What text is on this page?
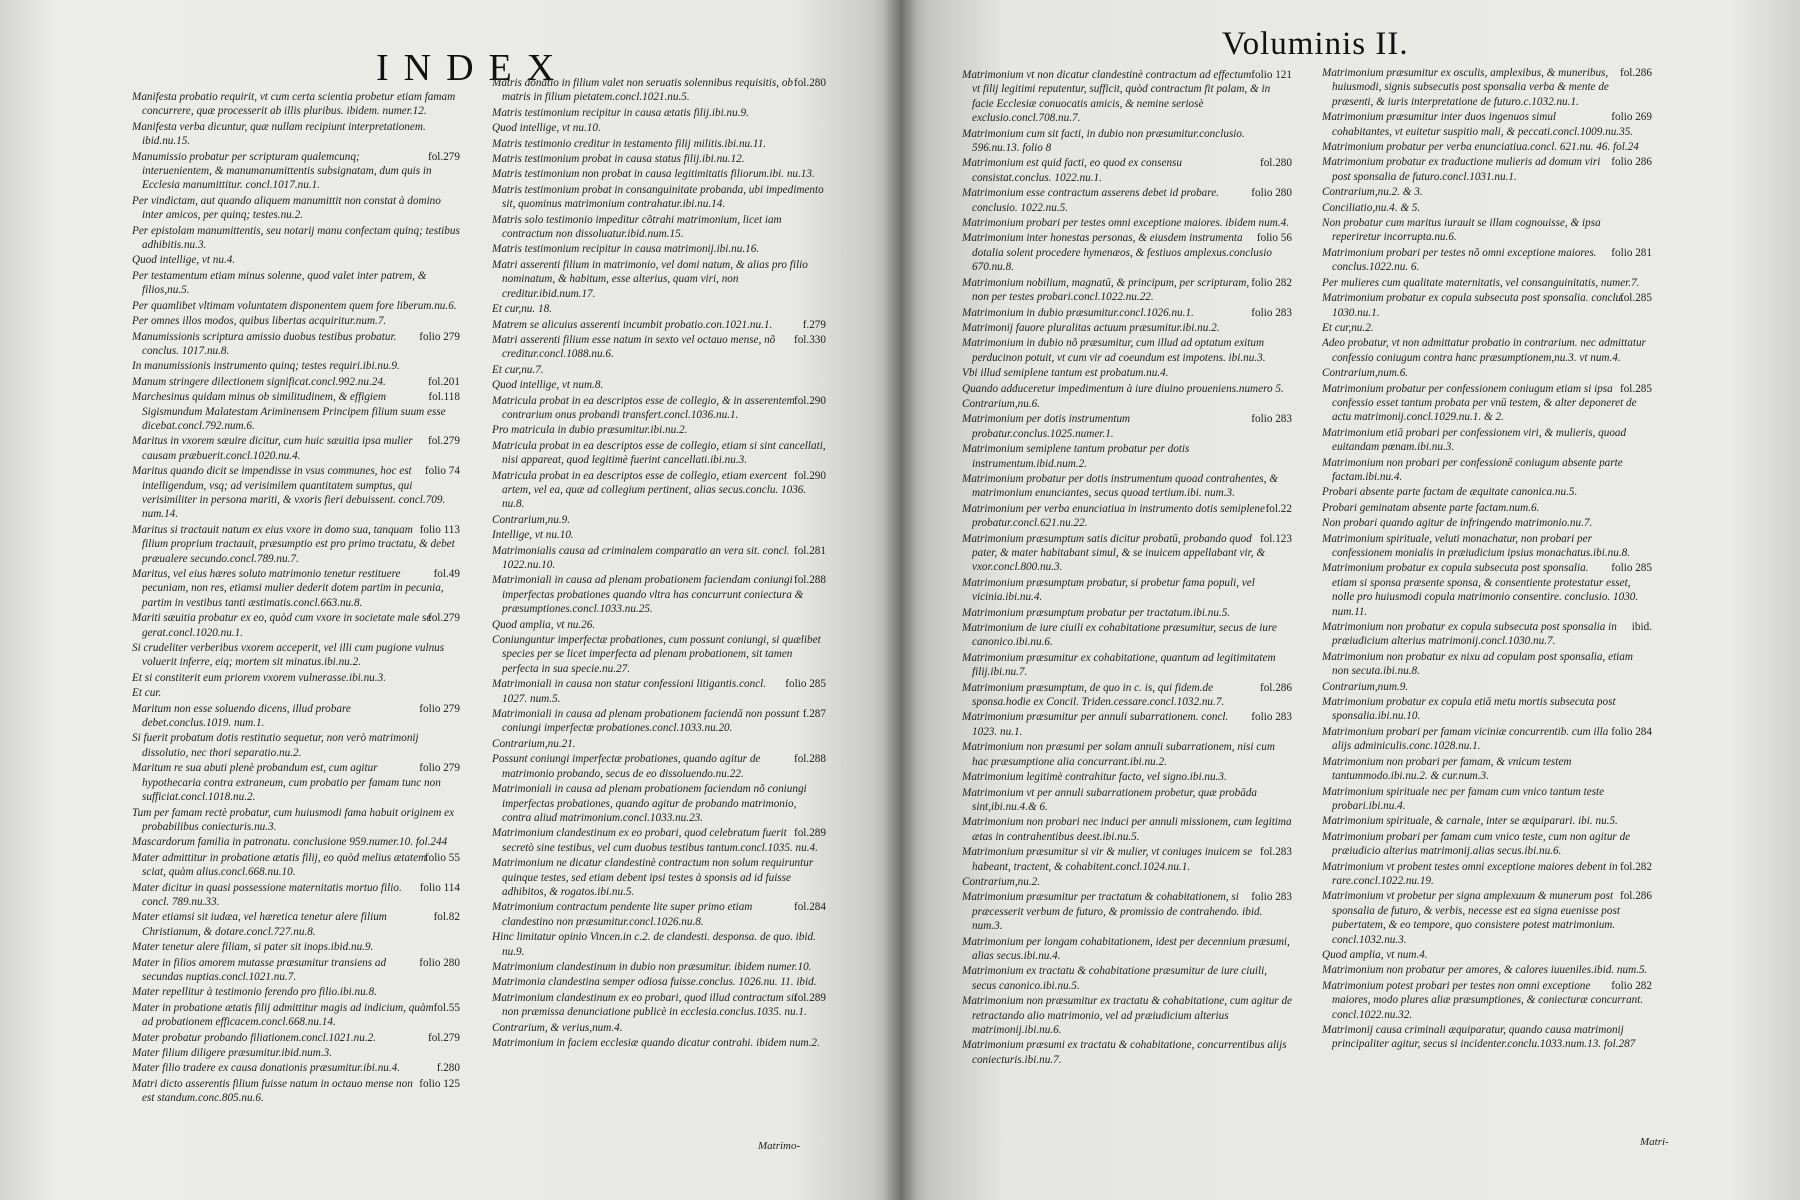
INDEX
Voluminis II.
Manifesta probatio requirit, vt cum certa scientia probetur etiam famam concurrere, quæ processerit ab illis pluribus. ibidem. numer.12.
Manifesta verba dicuntur, quæ nullam recipiunt interpretationem. ibid.nu.15.
fol.279
Manumissio probatur per scripturam qualemcunq; interuenientem, & manumanumittentis subsignatam, dum quis in Ecclesia manumittitur. concl.1017.nu.1.
Per vindictam, aut quando aliquem manumittit non constat à domino inter amicos, per quinq; testes.nu.2.
Per epistolam manumittentis, seu notarij manu confectam quinq; testibus adhibitis.nu.3.
Quod intellige, vt nu.4.
Per testamentum etiam minus solenne, quod valet inter patrem, & filios,nu.5.
Per quamlibet vltimam voluntatem disponentem quem fore liberum.nu.6.
Per omnes illos modos, quibus libertas acquiritur.num.7.
folio 279
Manumissionis scriptura amissio duobus testibus probatur. conclus. 1017.nu.8.
In manumissionis instrumento quinq; testes requiri.ibi.nu.9.
fol.201
Manum stringere dilectionem significat.concl.992.nu.24.
fol.118
Marchesinus quidam minus ob similitudinem, & effigiem Sigismundum Malatestam Ariminensem Principem filium suum esse dicebat.concl.792.num.6.
fol.279
Maritus in vxorem sæuire dicitur, cum huic sæuitia ipsa mulier causam præbuerit.concl.1020.nu.4.
folio 74
Maritus quando dicit se impendisse in vsus communes, hoc est intelligendum, vsq; ad verisimilem quantitatem sumptus, qui verisimiliter in persona mariti, & vxoris fieri debuissent. concl.709. num.14.
folio 113
Maritus si tractauit natum ex eius vxore in domo sua, tanquam filium proprium tractauit, præsumptio est pro primo tractatu, & debet præualere secundo.concl.789.nu.7.
fol.49
Maritus, vel eius hæres soluto matrimonio tenetur restituere pecuniam, non res, etiamsi mulier dederit dotem partim in pecunia, partim in vestibus tanti æstimatis.concl.663.nu.8.
fol.279
Mariti sæuitia probatur ex eo, quòd cum vxore in societate male se gerat.concl.1020.nu.1.
Si crudeliter verberibus vxorem acceperit, vel illi cum pugione vulnus voluerit inferre, eiq; mortem sit minatus.ibi.nu.2.
Et si constiterit eum priorem vxorem vulnerasse.ibi.nu.3.
Et cur.
folio 279
Maritum non esse soluendo dicens, illud probare debet.conclus.1019. num.1.
Si fuerit probatum dotis restitutio sequetur, non verò matrimonij dissolutio, nec thori separatio.nu.2.
folio 279
Maritum re sua abuti plenè probandum est, cum agitur hypothecaria contra extraneum, cum probatio per famam tunc non sufficiat.concl.1018.nu.2.
Tum per famam rectè probatur, cum huiusmodi fama habuit originem ex probabilibus coniecturis.nu.3.
Mascardorum familia in patronatu. conclusione 959.numer.10. fol.244
folio 55
Mater admittitur in probatione ætatis filij, eo quòd melius ætatem sciat, quàm alius.concl.668.nu.10.
folio 114
Mater dicitur in quasi possessione maternitatis mortuo filio. concl. 789.nu.33.
fol.82
Mater etiamsi sit iudæa, vel hæretica tenetur alere filium Christianum, & dotare.concl.727.nu.8.
Mater tenetur alere filiam, si pater sit inops.ibid.nu.9.
folio 280
Mater in filios amorem mutasse præsumitur transiens ad secundas nuptias.concl.1021.nu.7.
Mater repellitur à testimonio ferendo pro filio.ibi.nu.8.
fol.55
Mater in probatione ætatis filij admittitur magis ad indicium, quàm ad probationem efficacem.concl.668.nu.14.
fol.279
Mater probatur probando filiationem.concl.1021.nu.2.
Mater filium diligere præsumitur.ibid.num.3.
f.280
Mater filio tradere ex causa donationis præsumitur.ibi.nu.4.
folio 125
Matri dicto asserentis filium fuisse natum in octauo mense non est standum.conc.805.nu.6.
fol.280
Matris donatio in filium valet non seruatis solennibus requisitis, ob matris in filium pietatem.concl.1021.nu.5.
Matris testimonium recipitur in causa ætatis filij.ibi.nu.9.
Quod intellige, vt nu.10.
Matris testimonio creditur in testamento filij militis.ibi.nu.11.
Matris testimonium probat in causa status filij.ibi.nu.12.
Matris testimonium non probat in causa legitimitatis filiorum.ibi. nu.13.
Matris testimonium probat in consanguinitate probanda, ubi impedimento sit, quominus matrimonium contrahatur.ibi.nu.14.
Matris solo testimonio impeditur cõtrahi matrimonium, licet iam contractum non dissoluatur.ibid.num.15.
Matris testimonium recipitur in causa matrimonij.ibi.nu.16.
Matri asserenti filium in matrimonio, vel domi natum, & alias pro filio nominatum, & habitum, esse alterius, quam viri, non creditur.ibid.num.17.
Et cur,nu. 18.
f.279
Matrem se alicuius asserenti incumbit probatio.con.1021.nu.1.
fol.330
Matri asserenti filium esse natum in sexto vel octauo mense, nõ creditur.concl.1088.nu.6.
Et cur,nu.7.
Quod intellige, vt num.8.
fol.290
Matricula probat in ea descriptos esse de collegio, & in asserentem contrarium onus probandi transfert.concl.1036.nu.1.
Pro matricula in dubio præsumitur.ibi.nu.2.
Matricula probat in ea descriptos esse de collegio, etiam si sint cancellati, nisi appareat, quod legitimè fuerint cancellati.ibi.nu.3.
fol.290
Matricula probat in ea descriptos esse de collegio, etiam exercent artem, vel ea, quæ ad collegium pertinent, alias secus.conclu. 1036. nu.8.
Contrarium,nu.9.
Intellige, vt nu.10.
fol.281
Matrimonialis causa ad criminalem comparatio an vera sit. concl. 1022.nu.10.
fol.288
Matrimoniali in causa ad plenam probationem faciendam coniungi imperfectas probationes quando vltra has concurrunt coniectura & præsumptiones.concl.1033.nu.25.
Quod amplia, vt nu.26.
Coniunguntur imperfectæ probationes, cum possunt coniungi, si quælibet species per se licet imperfecta ad plenam probationem, sit tamen perfecta in sua specie.nu.27.
folio 285
Matrimoniali in causa non statur confessioni litigantis.concl. 1027. num.5.
f.287
Matrimoniali in causa ad plenam probationem faciendā non possunt coniungi imperfectæ probationes.concl.1033.nu.20.
Contrarium,nu.21.
fol.288
Possunt coniungi imperfectæ probationes, quando agitur de matrimonio probando, secus de eo dissoluendo.nu.22.
Matrimoniali in causa ad plenam probationem faciendam nõ coniungi imperfectas probationes, quando agitur de probando matrimonio, contra aliud matrimonium.concl.1033.nu.23.
fol.289
Matrimonium clandestinum ex eo probari, quod celebratum fuerit secretò sine testibus, vel cum duobus testibus tantum.concl.1035. nu.4.
Matrimonium ne dicatur clandestinè contractum non solum requiruntur quinque testes, sed etiam debent ipsi testes à sponsis ad id fuisse adhibitos, & rogatos.ibi.nu.5.
fol.284
Matrimonium contractum pendente lite super primo etiam clandestino non præsumitur.concl.1026.nu.8.
Hinc limitatur opinio Vincen.in c.2. de clandesti. desponsa. de quo. ibid. nu.9.
Matrimonium clandestinum in dubio non præsumitur. ibidem numer.10.
Matrimonia clandestina semper odiosa fuisse.conclus. 1026.nu. 11. ibid.
fol.289
Matrimonium clandestinum ex eo probari, quod illud contractum sit non præmissa denunciatione publicè in ecclesia.conclus.1035. nu.1.
Contrarium, & verius,num.4.
Matrimonium in faciem ecclesiæ quando dicatur contrahi. ibidem num.2.
folio 121
Matrimonium vt non dicatur clandestinè contractum ad effectum vt filij legitimi reputentur, sufficit, quòd contractum fit palam, & in facie Ecclesiæ conuocatis amicis, & nemine seriosè exclusio.concl.708.nu.7.
Matrimonium cum sit facti, in dubio non præsumitur.conclusio. 596.nu.13. folio 8
fol.280
Matrimonium est quid facti, eo quod ex consensu consistat.conclus. 1022.nu.1.
folio 280
Matrimonium esse contractum asserens debet id probare. conclusio. 1022.nu.5.
Matrimonium probari per testes omni exceptione maiores. ibidem num.4.
folio 56
Matrimonium inter honestas personas, & eiusdem instrumenta dotalia solent procedere hymenæos, & festiuos amplexus.conclusio 670.nu.8.
folio 282
Matrimonium nobilium, magnatū, & principum, per scripturam, non per testes probari.concl.1022.nu.22.
folio 283
Matrimonium in dubio præsumitur.concl.1026.nu.1.
Matrimonij fauore pluralitas actuum præsumitur.ibi.nu.2.
Matrimonium in dubio nõ præsumitur, cum illud ad optatum exitum perducinon potuit, vt cum vir ad coeundum est impotens. ibi.nu.3.
Vbi illud semiplene tantum est probatum.nu.4.
Quando adduceretur impedimentum à iure diuino proueniens.numero 5.
Contrarium,nu.6.
folio 283
Matrimonium per dotis instrumentum probatur.conclus.1025.numer.1.
Matrimonium semiplene tantum probatur per dotis instrumentum.ibid.num.2.
Matrimonium probatur per dotis instrumentum quoad contrahentes, & matrimonium enunciantes, secus quoad tertium.ibi. num.3.
fol.22
Matrimonium per verba enunciatiua in instrumento dotis semiplene probatur.concl.621.nu.22.
fol.123
Matrimonium præsumptum satis dicitur probatū, probando quod pater, & mater habitabant simul, & se inuicem appellabant vir, & vxor.concl.800.nu.3.
Matrimonium præsumptum probatur, si probetur fama populi, vel vicinia.ibi.nu.4.
Matrimonium præsumptum probatur per tractatum.ibi.nu.5.
Matrimonium de iure ciuili ex cohabitatione præsumitur, secus de iure canonico.ibi.nu.6.
Matrimonium præsumitur ex cohabitatione, quantum ad legitimitatem filij.ibi.nu.7.
fol.286
Matrimonium præsumptum, de quo in c. is, qui fidem.de sponsa.hodie ex Concil. Triden.cessare.concl.1032.nu.7.
folio 283
Matrimonium præsumitur per annuli subarrationem. concl. 1023. nu.1.
Matrimonium non præsumi per solam annuli subarrationem, nisi cum hac præsumptione alia concurrant.ibi.nu.2.
Matrimonium legitimè contrahitur facto, vel signo.ibi.nu.3.
Matrimonium vt per annuli subarrationem probetur, quæ probāda sint,ibi.nu.4.& 6.
Matrimonium non probari nec induci per annuli missionem, cum legitima ætas in contrahentibus deest.ibi.nu.5.
fol.283
Matrimonium præsumitur si vir & mulier, vt coniuges inuicem se habeant, tractent, & cohabitent.concl.1024.nu.1.
Contrarium,nu.2.
folio 283
Matrimonium præsumitur per tractatum & cohabitationem, si præcesserit verbum de futuro, & promissio de contrahendo. ibid. num.3.
Matrimonium per longam cohabitationem, idest per decennium præsumi, alias secus.ibi.nu.4.
Matrimonium ex tractatu & cohabitatione præsumitur de iure ciuili, secus canonico.ibi.nu.5.
Matrimonium non præsumitur ex tractatu & cohabitatione, cum agitur de retractando alio matrimonio, vel ad præiudicium alterius matrimonij.ibi.nu.6.
Matrimonium præsumi ex tractatu & cohabitatione, concurrentibus alijs coniecturis.ibi.nu.7.
fol.286
Matrimonium præsumitur ex osculis, amplexibus, & muneribus, huiusmodi, signis subsecutis post sponsalia verba & mente de præsenti, & iuris interpretatione de futuro.c.1032.nu.1.
folio 269
Matrimonium præsumitur inter duos ingenuos simul cohabitantes, vt euitetur suspitio mali, & peccati.concl.1009.nu.35.
Matrimonium probatur per verba enunciatiua.concl. 621.nu. 46. fol.24
folio 286
Matrimonium probatur ex traductione mulieris ad domum viri post sponsalia de futuro.concl.1031.nu.1.
Contrarium,nu.2. & 3.
Conciliatio,nu.4. & 5.
Non probatur cum maritus iurauit se illam cognouisse, & ipsa reperiretur incorrupta.nu.6.
folio 281
Matrimonium probari per testes nõ omni exceptione maiores. conclus.1022.nu. 6.
Per mulieres cum qualitate maternitatis, vel consanguinitatis, numer.7.
fol.285
Matrimonium probatur ex copula subsecuta post sponsalia. conclu. 1030.nu.1.
Et cur,nu.2.
Adeo probatur, vt non admittatur probatio in contrarium. nec admittatur confessio coniugum contra hanc præsumptionem,nu.3. vt num.4.
Contrarium,num.6.
fol.285
Matrimonium probatur per confessionem coniugum etiam si ipsa confessio esset tantum probata per vnū testem, & alter deponeret de actu matrimonij.concl.1029.nu.1. & 2.
Matrimonium etiā probari per confessionem viri, & mulieris, quoad euitandam pœnam.ibi.nu.3.
Matrimonium non probari per confessionē coniugum absente parte factam.ibi.nu.4.
Probari absente parte factam de æquitate canonica.nu.5.
Probari geminatam absente parte factam.num.6.
Non probari quando agitur de infringendo matrimonio.nu.7.
Matrimonium spirituale, veluti monachatur, non probari per confessionem monialis in præiudicium ipsius monachatus.ibi.nu.8.
folio 285
Matrimonium probatur ex copula subsecuta post sponsalia. etiam si sponsa præsente sponsa, & consentiente protestatur esset, nolle pro huiusmodi copula matrimonio consentire. conclusio. 1030. num.11.
ibid.
Matrimonium non probatur ex copula subsecuta post sponsalia in præiudicium alterius matrimonij.concl.1030.nu.7.
Matrimonium non probatur ex nixu ad copulam post sponsalia, etiam non secuta.ibi.nu.8.
Contrarium,num.9.
Matrimonium probatur ex copula etiā metu mortis subsecuta post sponsalia.ibi.nu.10.
folio 284
Matrimonium probari per famam viciniæ concurrentib. cum illa alijs adminiculis.conc.1028.nu.1.
Matrimonium non probari per famam, & vnicum testem tantummodo.ibi.nu.2. & cur.num.3.
Matrimonium spirituale nec per famam cum vnico tantum teste probari.ibi.nu.4.
Matrimonium spirituale, & carnale, inter se æquiparari. ibi. nu.5.
Matrimonium probari per famam cum vnico teste, cum non agitur de præiudicio alterius matrimonij.alias secus.ibi.nu.6.
fol.282
Matrimonium vt probent testes omni exceptione maiores debent in rare.concl.1022.nu.19.
fol.286
Matrimonium vt probetur per signa amplexuum & munerum post sponsalia de futuro, & verbis, necesse est ea signa euenisse post pubertatem, & eo tempore, quo consistere potest matrimonium. concl.1032.nu.3.
Quod amplia, vt num.4.
Matrimonium non probatur per amores, & calores iuueniles.ibid. num.5.
folio 282
Matrimonium potest probari per testes non omni exceptione maiores, modo plures aliæ præsumptiones, & coniecturæ concurrant. concl.1022.nu.32.
Matrimonij causa criminali æquiparatur, quando causa matrimonij principaliter agitur, secus si incidenter.conclu.1033.num.13. fol.287
Matrimo-	Matri-
